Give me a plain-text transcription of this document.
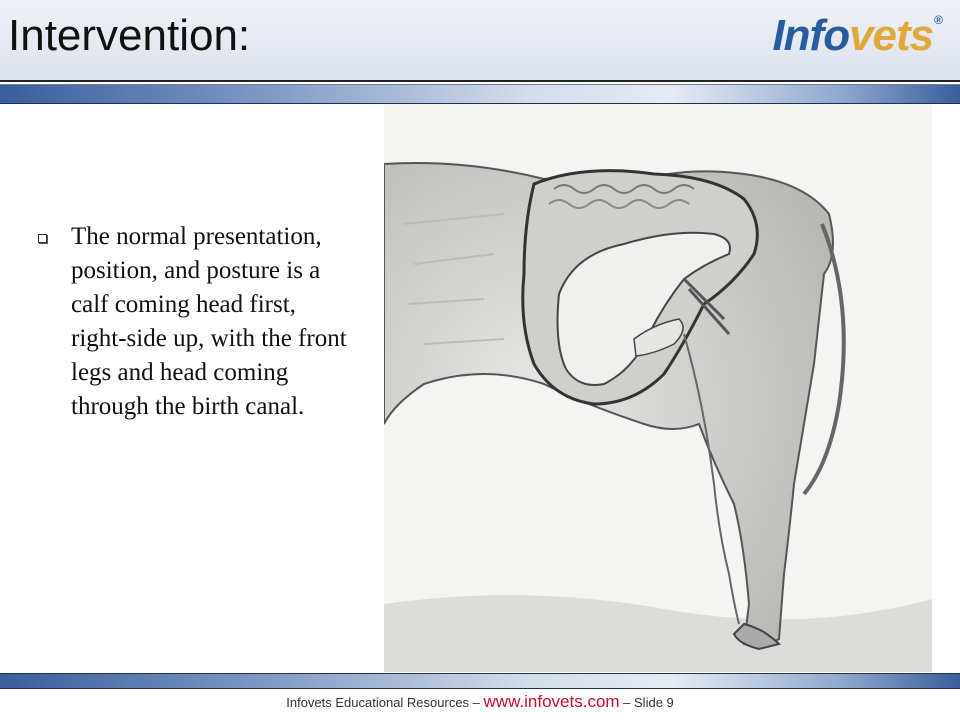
Intervention:	Infovets®

The normal presentation, position, and posture is a calf coming head first, right-side up, with the front legs and head coming through the birth canal.

Infovets Educational Resources – www.infovets.com – Slide 9
